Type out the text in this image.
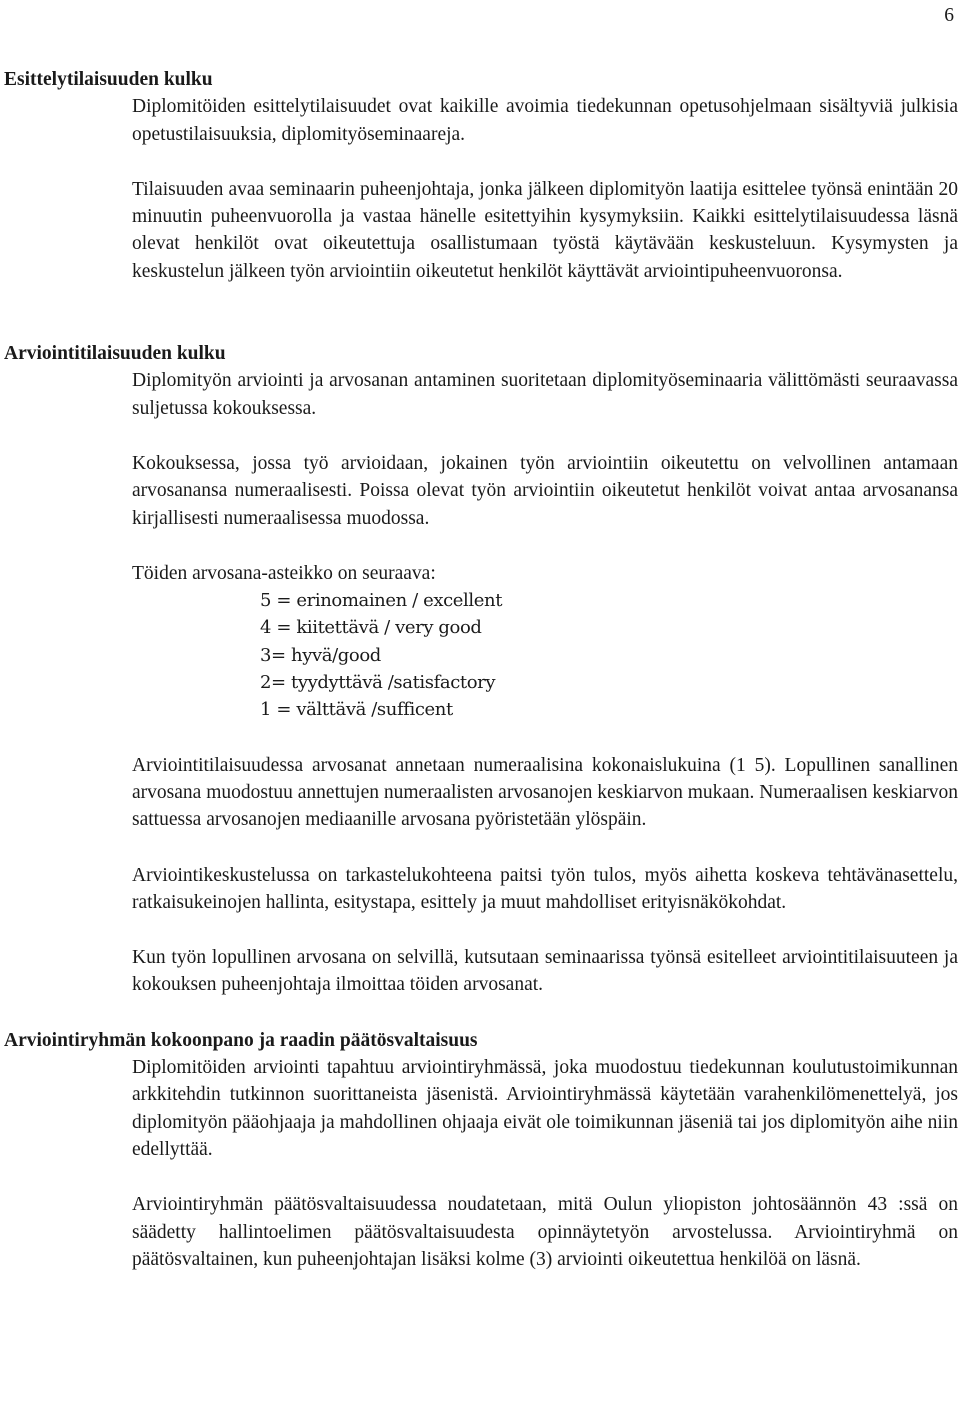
6
Esittelytilaisuuden kulku

Diplomitöiden esittelytilaisuudet ovat kaikille avoimia tiedekunnan opetusohjelmaan sisältyviä julkisia opetustilaisuuksia, diplomityöseminaareja.

Tilaisuuden avaa seminaarin puheenjohtaja, jonka jälkeen diplomityön laatija esittelee työnsä enintään 20 minuutin puheenvuorolla ja vastaa hänelle esitettyihin kysymyksiin. Kaikki esittelytilaisuudessa läsnä olevat henkilöt ovat oikeutettuja osallistumaan työstä käytävään keskusteluun. Kysymysten ja keskustelun jälkeen työn arviointiin oikeutetut henkilöt käyttävät arviointipuheenvuoronsa.

Arviointitilaisuuden kulku

Diplomityön arviointi ja arvosanan antaminen suoritetaan diplomityöseminaaria välittömästi seuraavassa suljetussa kokouksessa.

Kokouksessa, jossa työ arvioidaan, jokainen työn arviointiin oikeutettu on velvollinen antamaan arvosanansa numeraalisesti. Poissa olevat työn arviointiin oikeutetut henkilöt voivat antaa arvosanansa kirjallisesti numeraalisessa muodossa.

Töiden arvosana-asteikko on seuraava:

5 = erinomainen / excellent
4 = kiitettävä / very good
3= hyvä/good
2= tyydyttävä /satisfactory
1 = välttävä /sufficent

Arviointitilaisuudessa arvosanat annetaan numeraalisina kokonaislukuina (1 5). Lopullinen sanallinen arvosana muodostuu annettujen numeraalisten arvosanojen keskiarvon mukaan. Numeraalisen keskiarvon sattuessa arvosanojen mediaanille arvosana pyöristetään ylöspäin.

Arviointikeskustelussa on tarkastelukohteena paitsi työn tulos, myös aihetta koskeva tehtävänasettelu, ratkaisukeinojen hallinta, esitystapa, esittely ja muut mahdolliset erityisnäkökohdat.

Kun työn lopullinen arvosana on selvillä, kutsutaan seminaarissa työnsä esitelleet arviointitilaisuuteen ja kokouksen puheenjohtaja ilmoittaa töiden arvosanat.

Arviointiryhmän kokoonpano ja raadin päätösvaltaisuus

Diplomitöiden arviointi tapahtuu arviointiryhmässä, joka muodostuu tiedekunnan koulutustoimikunnan arkkitehdin tutkinnon suorittaneista jäsenistä. Arviointiryhmässä käytetään varahenkilömenettelyä, jos diplomityön pääohjaaja ja mahdollinen ohjaaja eivät ole toimikunnan jäseniä tai jos diplomityön aihe niin edellyttää.

Arviointiryhmän päätösvaltaisuudessa noudatetaan, mitä Oulun yliopiston johtosäännön 43 :ssä on säädetty hallintoelimen päätösvaltaisuudesta opinnäytetyön arvostelussa. Arviointiryhmä on päätösvaltainen, kun puheenjohtajan lisäksi kolme (3) arviointi oikeutettua henkilöä on läsnä.
